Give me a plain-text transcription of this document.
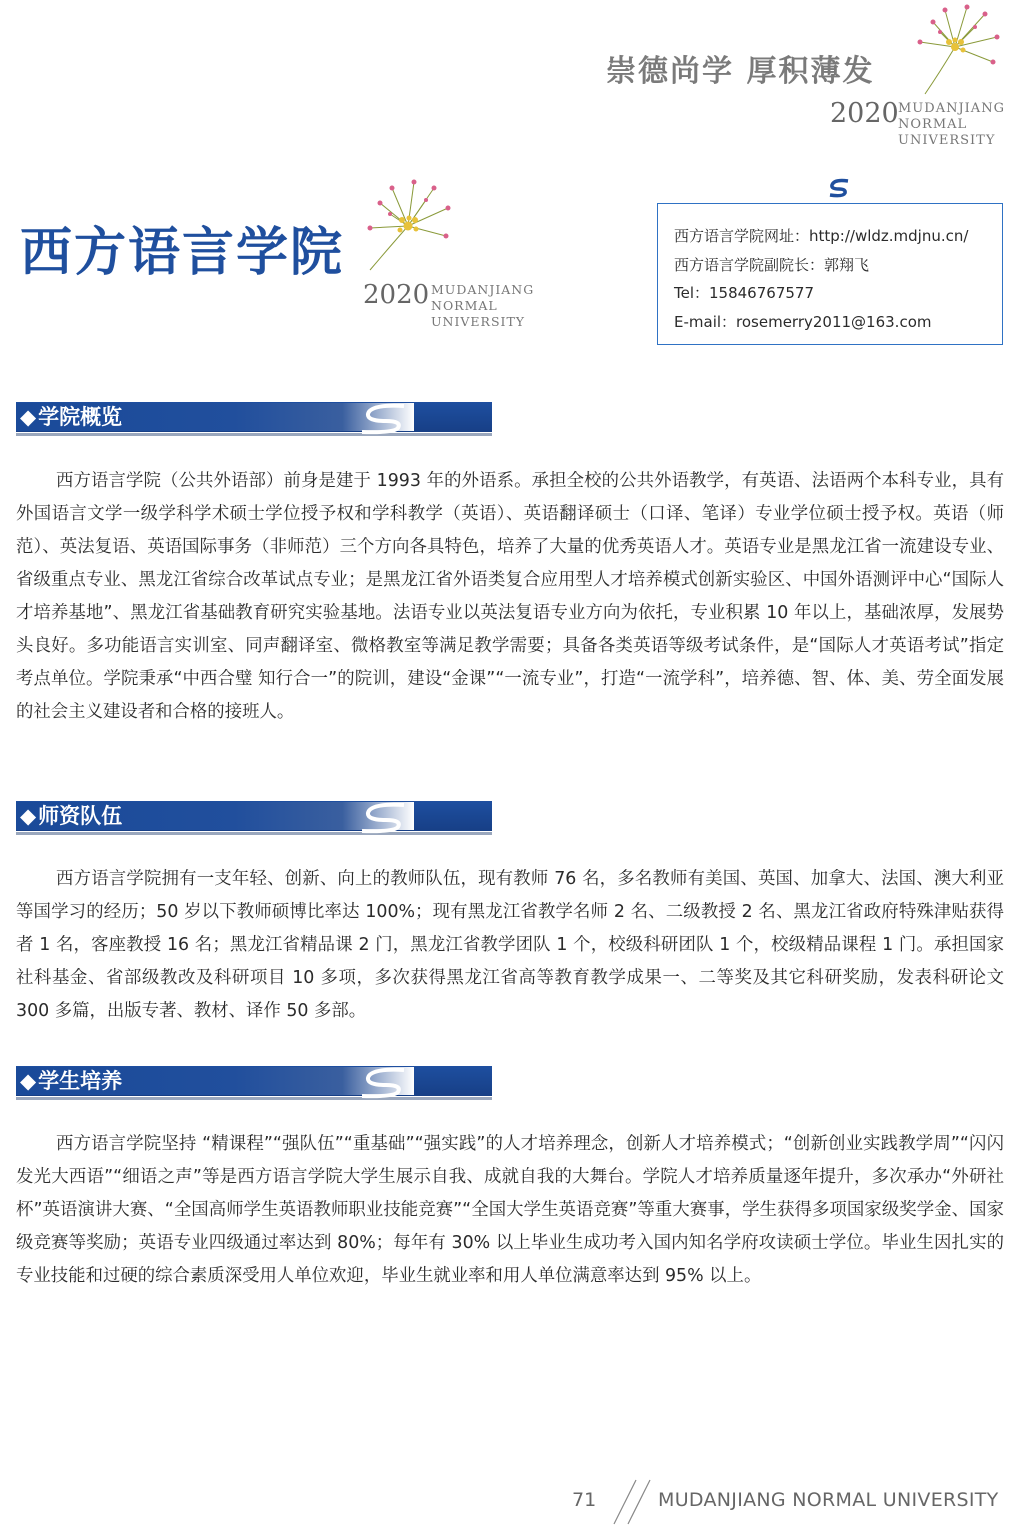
崇德尚学 厚积薄发
2020 MUDANJIANG
NORMAL
UNIVERSITY
西方语言学院
2020 MUDANJIANG
NORMAL
UNIVERSITY
西方语言学院网址：http://wldz.mdjnu.cn/
西方语言学院副院长：郭翔飞
Tel：15846767577
E-mail：rosemerry2011@163.com
◆学院概览

西方语言学院（公共外语部）前身是建于 1993 年的外语系。承担全校的公共外语教学，有英语、法语两个本科专业，具有外国语言文学一级学科学术硕士学位授予权和学科教学（英语）、英语翻译硕士（口译、笔译）专业学位硕士授予权。英语（师范）、英法复语、英语国际事务（非师范）三个方向各具特色，培养了大量的优秀英语人才。英语专业是黑龙江省一流建设专业、省级重点专业、黑龙江省综合改革试点专业；是黑龙江省外语类复合应用型人才培养模式创新实验区、中国外语测评中心“国际人才培养基地”、黑龙江省基础教育研究实验基地。法语专业以英法复语专业方向为依托，专业积累 10 年以上，基础浓厚，发展势头良好。多功能语言实训室、同声翻译室、微格教室等满足教学需要；具备各类英语等级考试条件，是“国际人才英语考试”指定考点单位。学院秉承“中西合璧 知行合一”的院训，建设“金课”“一流专业”，打造“一流学科”，培养德、智、体、美、劳全面发展的社会主义建设者和合格的接班人。

◆师资队伍

西方语言学院拥有一支年轻、创新、向上的教师队伍，现有教师 76 名，多名教师有美国、英国、加拿大、法国、澳大利亚等国学习的经历；50 岁以下教师硕博比率达 100%；现有黑龙江省教学名师 2 名、二级教授 2 名、黑龙江省政府特殊津贴获得者 1 名，客座教授 16 名；黑龙江省精品课 2 门，黑龙江省教学团队 1 个，校级科研团队 1 个，校级精品课程 1 门。承担国家社科基金、省部级教改及科研项目 10 多项，多次获得黑龙江省高等教育教学成果一、二等奖及其它科研奖励，发表科研论文 300 多篇，出版专著、教材、译作 50 多部。

◆学生培养

西方语言学院坚持 “精课程”“强队伍”“重基础”“强实践”的人才培养理念，创新人才培养模式；“创新创业实践教学周”“闪闪发光大西语”“细语之声”等是西方语言学院大学生展示自我、成就自我的大舞台。学院人才培养质量逐年提升，多次承办“外研社杯”英语演讲大赛、“全国高师学生英语教师职业技能竞赛”“全国大学生英语竞赛”等重大赛事，学生获得多项国家级奖学金、国家级竞赛等奖励；英语专业四级通过率达到 80%；每年有 30% 以上毕业生成功考入国内知名学府攻读硕士学位。毕业生因扎实的专业技能和过硬的综合素质深受用人单位欢迎，毕业生就业率和用人单位满意率达到 95% 以上。

71	MUDANJIANG NORMAL UNIVERSITY
